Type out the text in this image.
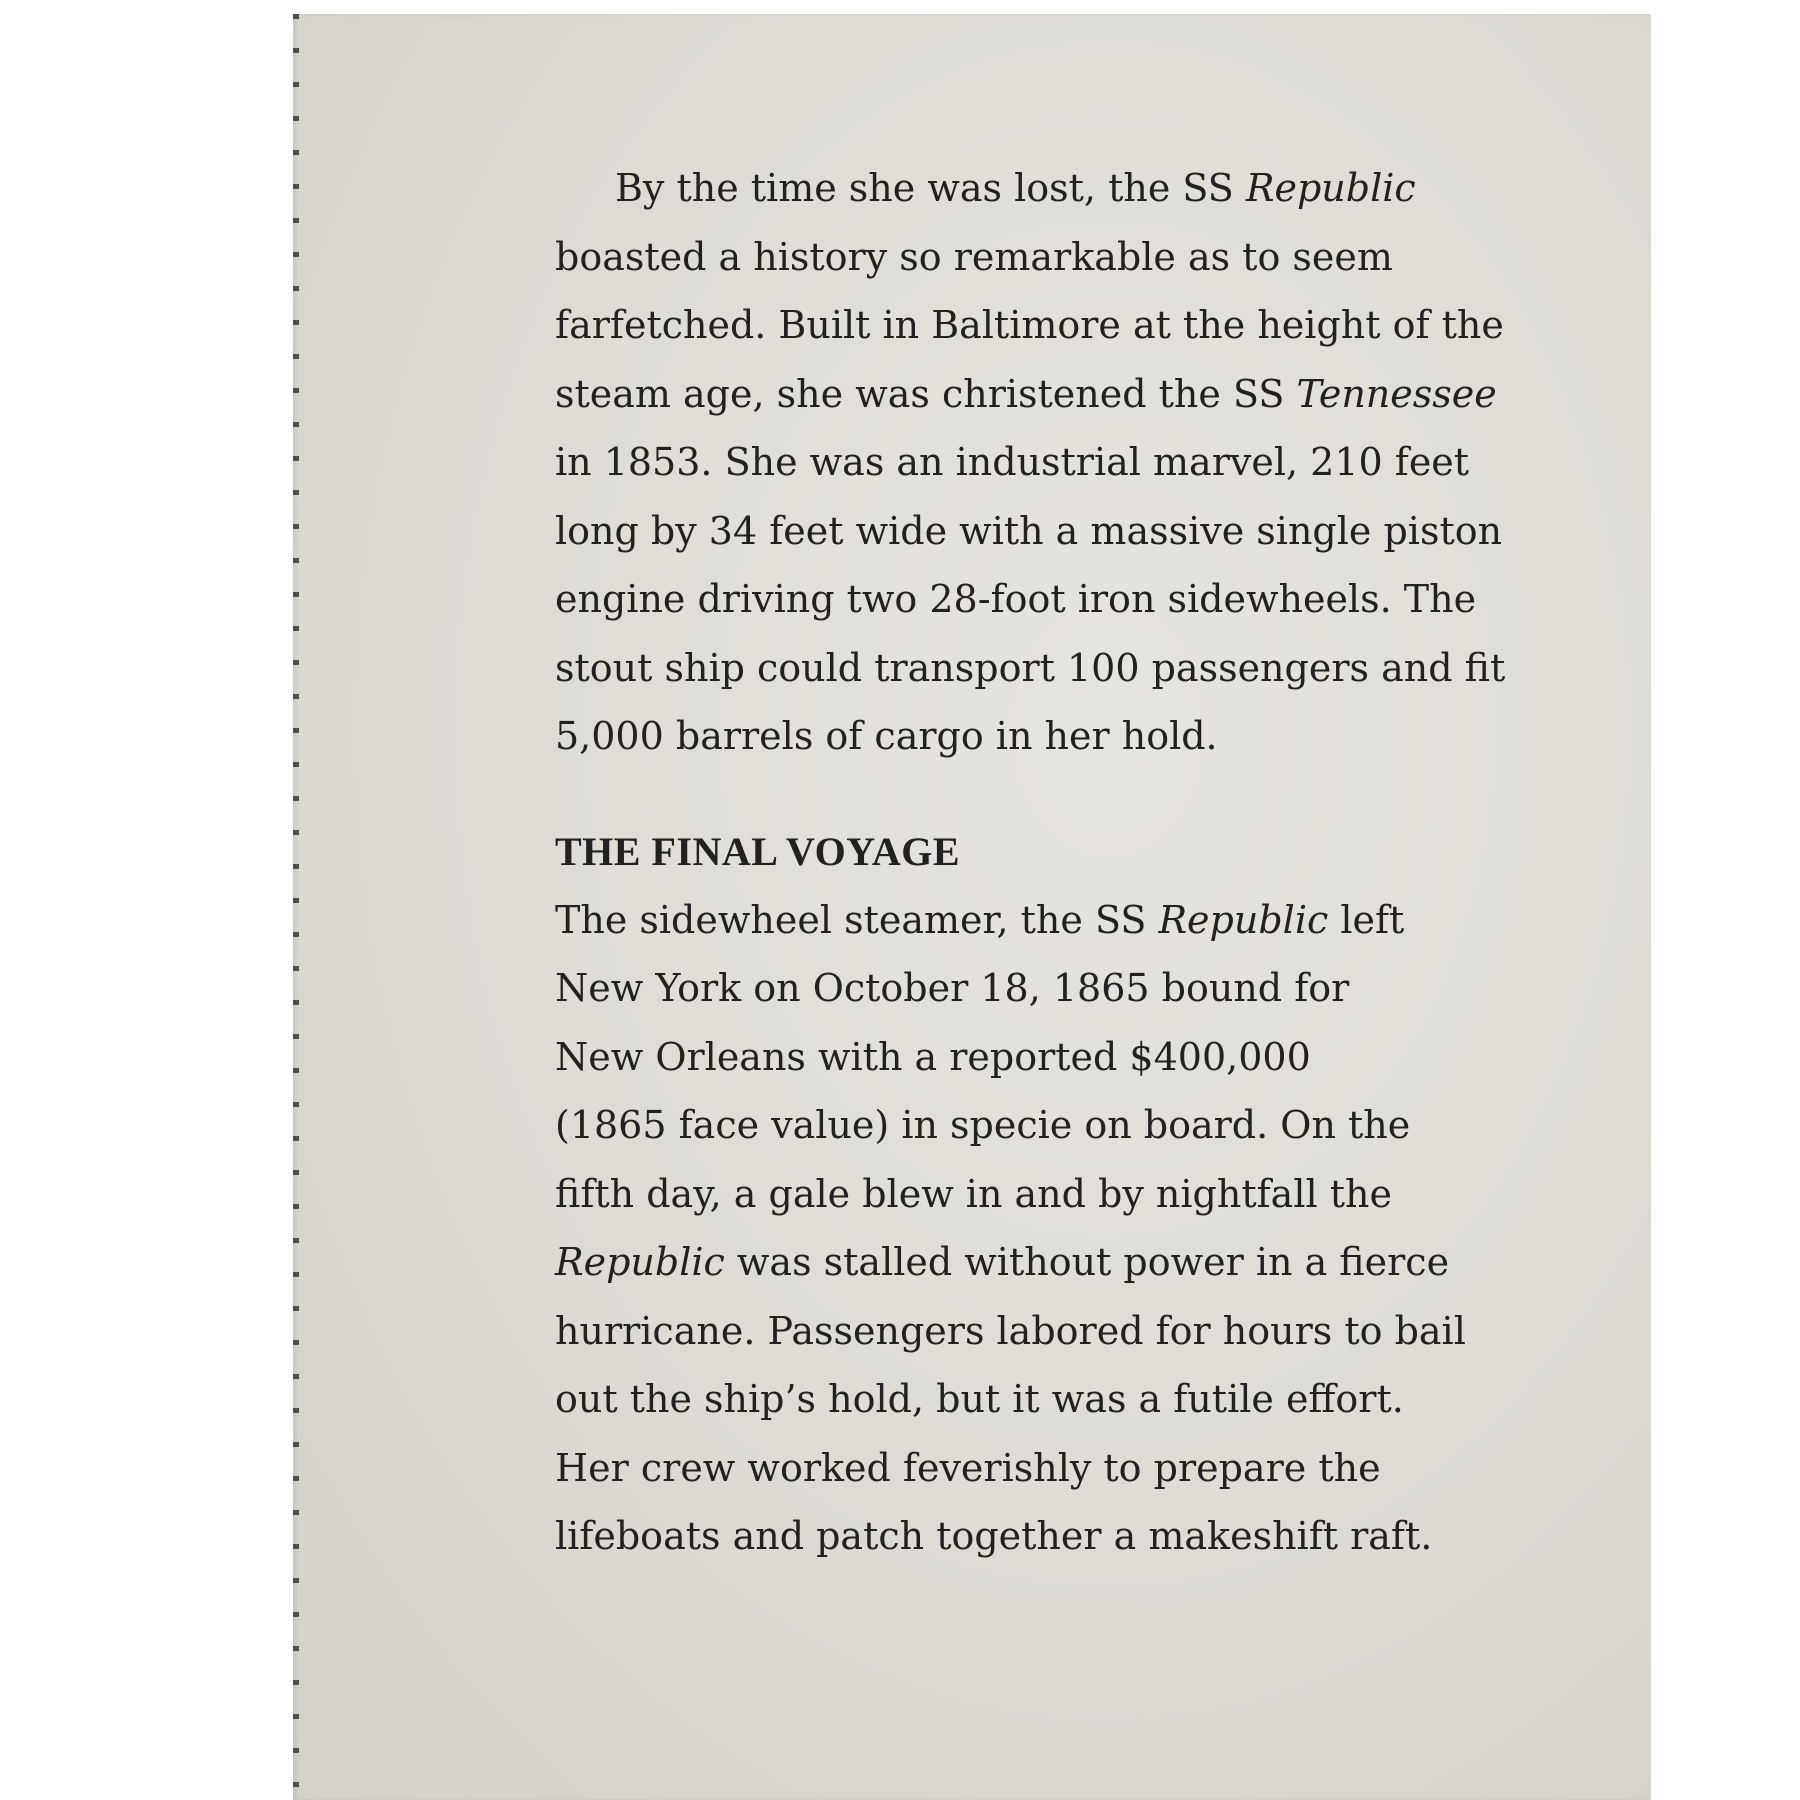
By the time she was lost, the SS Republic
boasted a history so remarkable as to seem
farfetched. Built in Baltimore at the height of the
steam age, she was christened the SS Tennessee
in 1853. She was an industrial marvel, 210 feet
long by 34 feet wide with a massive single piston
engine driving two 28-foot iron sidewheels. The
stout ship could transport 100 passengers and fit
5,000 barrels of cargo in her hold.
THE FINAL VOYAGE
The sidewheel steamer, the SS Republic left
New York on October 18, 1865 bound for
New Orleans with a reported $400,000
(1865 face value) in specie on board. On the
fifth day, a gale blew in and by nightfall the
Republic was stalled without power in a fierce
hurricane. Passengers labored for hours to bail
out the ship’s hold, but it was a futile effort.
Her crew worked feverishly to prepare the
lifeboats and patch together a makeshift raft.
